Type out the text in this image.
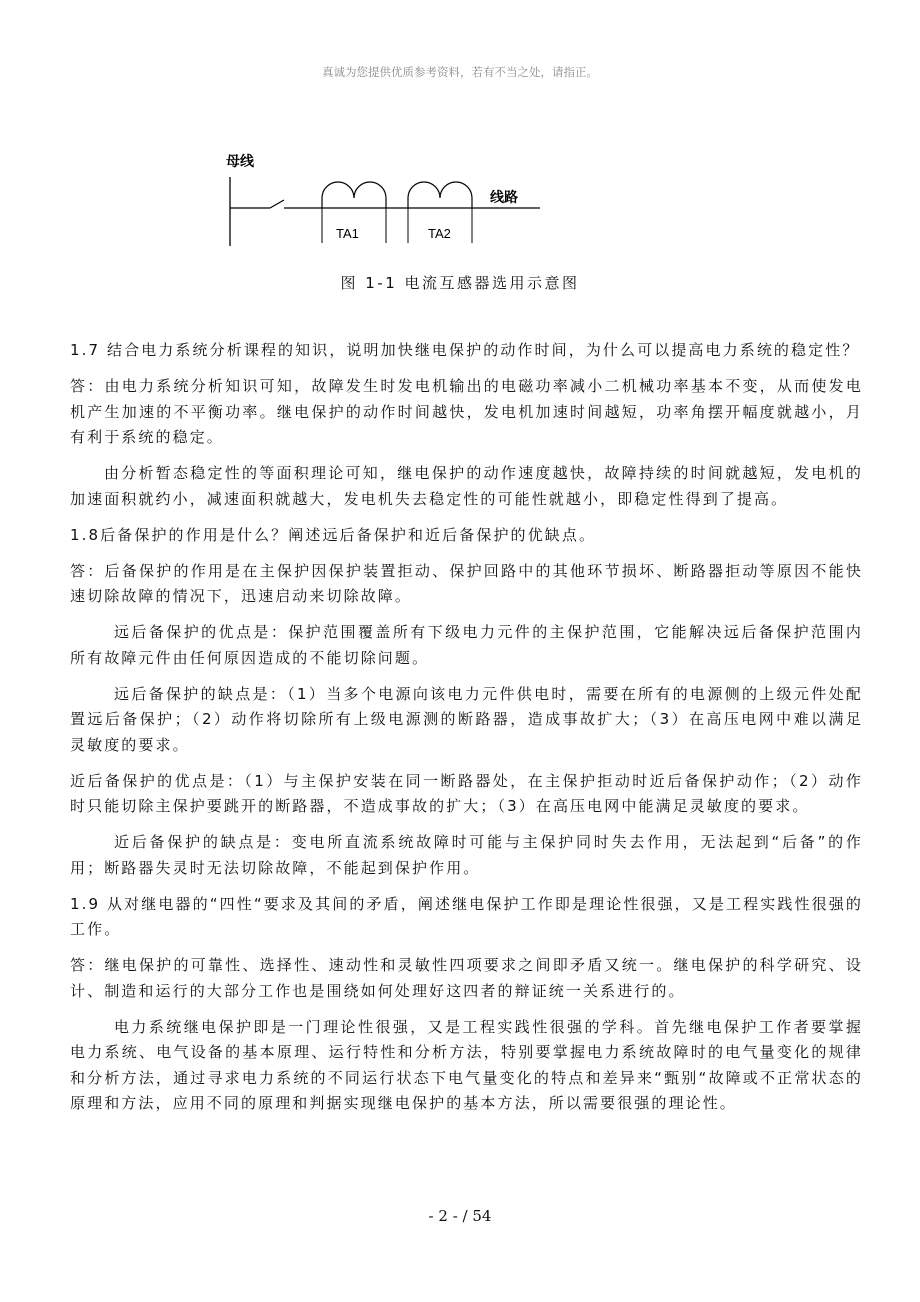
真诚为您提供优质参考资料，若有不当之处，请指正。
母线
线路
TA1	TA2
图 1-1 电流互感器选用示意图

1.7 结合电力系统分析课程的知识，说明加快继电保护的动作时间，为什么可以提高电力系统的稳定性？

答：由电力系统分析知识可知，故障发生时发电机输出的电磁功率减小二机械功率基本不变，从而使发电机产生加速的不平衡功率。继电保护的动作时间越快，发电机加速时间越短，功率角摆开幅度就越小，月有利于系统的稳定。

由分析暂态稳定性的等面积理论可知，继电保护的动作速度越快，故障持续的时间就越短，发电机的加速面积就约小，减速面积就越大，发电机失去稳定性的可能性就越小，即稳定性得到了提高。

1.8后备保护的作用是什么？阐述远后备保护和近后备保护的优缺点。

答：后备保护的作用是在主保护因保护装置拒动、保护回路中的其他环节损坏、断路器拒动等原因不能快速切除故障的情况下，迅速启动来切除故障。

远后备保护的优点是：保护范围覆盖所有下级电力元件的主保护范围，它能解决远后备保护范围内所有故障元件由任何原因造成的不能切除问题。

远后备保护的缺点是：（1）当多个电源向该电力元件供电时，需要在所有的电源侧的上级元件处配置远后备保护；（2）动作将切除所有上级电源测的断路器，造成事故扩大；（3）在高压电网中难以满足灵敏度的要求。

近后备保护的优点是：（1）与主保护安装在同一断路器处，在主保护拒动时近后备保护动作；（2）动作时只能切除主保护要跳开的断路器，不造成事故的扩大；（3）在高压电网中能满足灵敏度的要求。

近后备保护的缺点是：变电所直流系统故障时可能与主保护同时失去作用，无法起到“后备”的作用；断路器失灵时无法切除故障，不能起到保护作用。

1.9 从对继电器的“四性“要求及其间的矛盾，阐述继电保护工作即是理论性很强，又是工程实践性很强的工作。

答：继电保护的可靠性、选择性、速动性和灵敏性四项要求之间即矛盾又统一。继电保护的科学研究、设计、制造和运行的大部分工作也是围绕如何处理好这四者的辩证统一关系进行的。

电力系统继电保护即是一门理论性很强，又是工程实践性很强的学科。首先继电保护工作者要掌握电力系统、电气设备的基本原理、运行特性和分析方法，特别要掌握电力系统故障时的电气量变化的规律和分析方法，通过寻求电力系统的不同运行状态下电气量变化的特点和差异来“甄别“故障或不正常状态的原理和方法，应用不同的原理和判据实现继电保护的基本方法，所以需要很强的理论性。

- 2 - / 54
